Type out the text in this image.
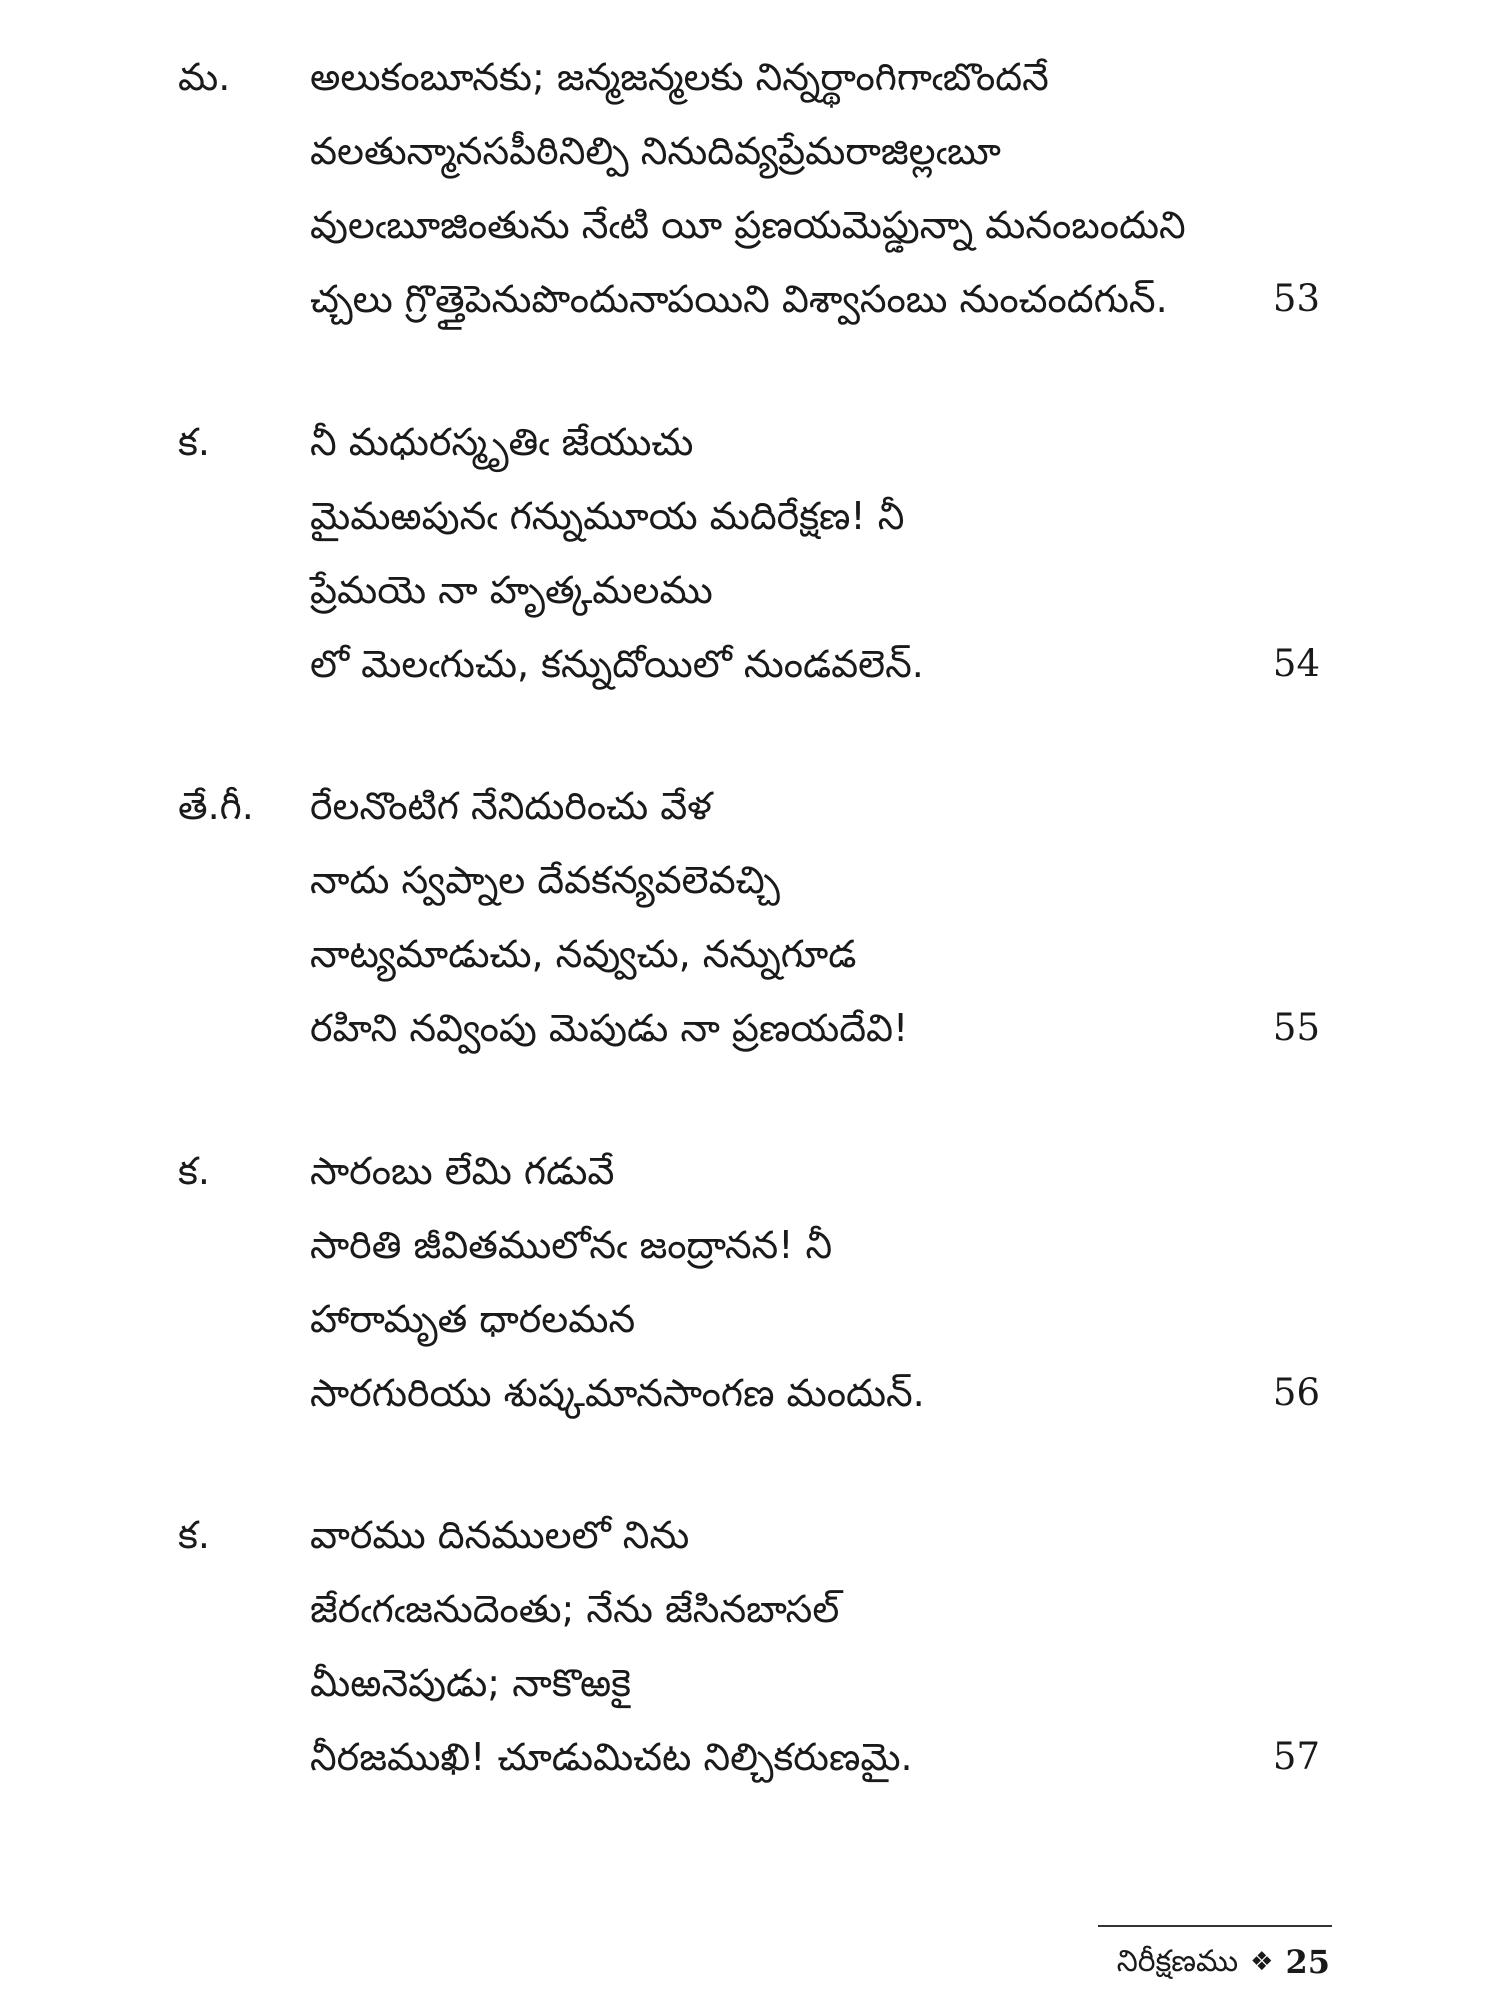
మ. అలుకంబూనకు; జన్మజన్మలకు నిన్నర్థాంగిగాఁబొందనే
వలతున్మానసపీఠినిల్పి నినుదివ్యప్రేమరాజిల్లఁబూ
వులఁబూజింతును నేఁటి యీ ప్రణయమెప్డున్నా మనంబందుని
చ్చలు గ్రొత్తైపెనుపొందునాపయిని విశ్వాసంబు నుంచందగున్.	53
క.	నీ మధురస్మృతిఁ జేయుచు
మైమఱపునఁ గన్నుమూయ మదిరేక్షణ! నీ
ప్రేమయె నా హృత్కమలము
లో మెలఁగుచు, కన్నుదోయిలో నుండవలెన్.	54
తే.గీ. రేలనొంటిగ నేనిదురించు వేళ
నాదు స్వప్నాల దేవకన్యవలెవచ్చి
నాట్యమాడుచు, నవ్వుచు, నన్నుగూడ
రహిని నవ్వింపు మెపుడు నా ప్రణయదేవి!	55
క.	సారంబు లేమి గడువే
సారితి జీవితములోనఁ జంద్రానన! నీ
హారామృత ధారలమన
సారగురియు శుష్కమానసాంగణ మందున్.	56
క.	వారము దినములలో నిను
జేరఁగఁజనుదెంతు; నేను జేసినబాసల్
మీఱనెపుడు; నాకొఱకై
నీరజముఖి! చూడుమిచట నిల్చికరుణమై.	57
నిరీక్షణము ❖ 25
